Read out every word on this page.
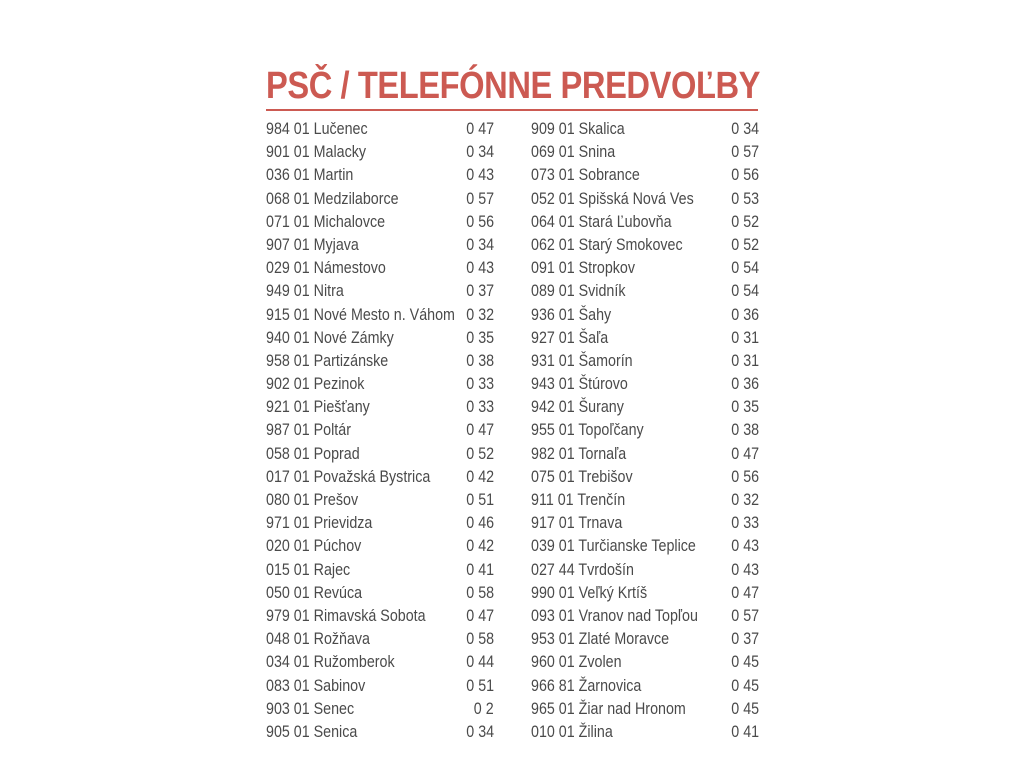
PSČ / TELEFÓNNE PREDVOĽBY
984 01 Lučenec	0 47
901 01 Malacky	0 34
036 01 Martin	0 43
068 01 Medzilaborce	0 57
071 01 Michalovce	0 56
907 01 Myjava	0 34
029 01 Námestovo	0 43
949 01 Nitra	0 37
915 01 Nové Mesto n. Váhom 0 32
940 01 Nové Zámky	0 35
958 01 Partizánske	0 38
902 01 Pezinok	0 33
921 01 Piešťany	0 33
987 01 Poltár	0 47
058 01 Poprad	0 52
017 01 Považská Bystrica 0 42
080 01 Prešov	0 51
971 01 Prievidza	0 46
020 01 Púchov	0 42
015 01 Rajec	0 41
050 01 Revúca	0 58
979 01 Rimavská Sobota 0 47
048 01 Rožňava	0 58
034 01 Ružomberok	0 44
083 01 Sabinov	0 51
903 01 Senec	0 2
905 01 Senica	0 34
909 01 Skalica	0 34
069 01 Snina	0 57
073 01 Sobrance	0 56
052 01 Spišská Nová Ves 0 53
064 01 Stará Ľubovňa	0 52
062 01 Starý Smokovec	0 52
091 01 Stropkov	0 54
089 01 Svidník	0 54
936 01 Šahy	0 36
927 01 Šaľa	0 31
931 01 Šamorín	0 31
943 01 Štúrovo	0 36
942 01 Šurany	0 35
955 01 Topoľčany	0 38
982 01 Tornaľa	0 47
075 01 Trebišov	0 56
911 01 Trenčín	0 32
917 01 Trnava	0 33
039 01 Turčianske Teplice 0 43
027 44 Tvrdošín	0 43
990 01 Veľký Krtíš	0 47
093 01 Vranov nad Topľou 0 57
953 01 Zlaté Moravce	0 37
960 01 Zvolen	0 45
966 81 Žarnovica	0 45
965 01 Žiar nad Hronom	0 45
010 01 Žilina	0 41
